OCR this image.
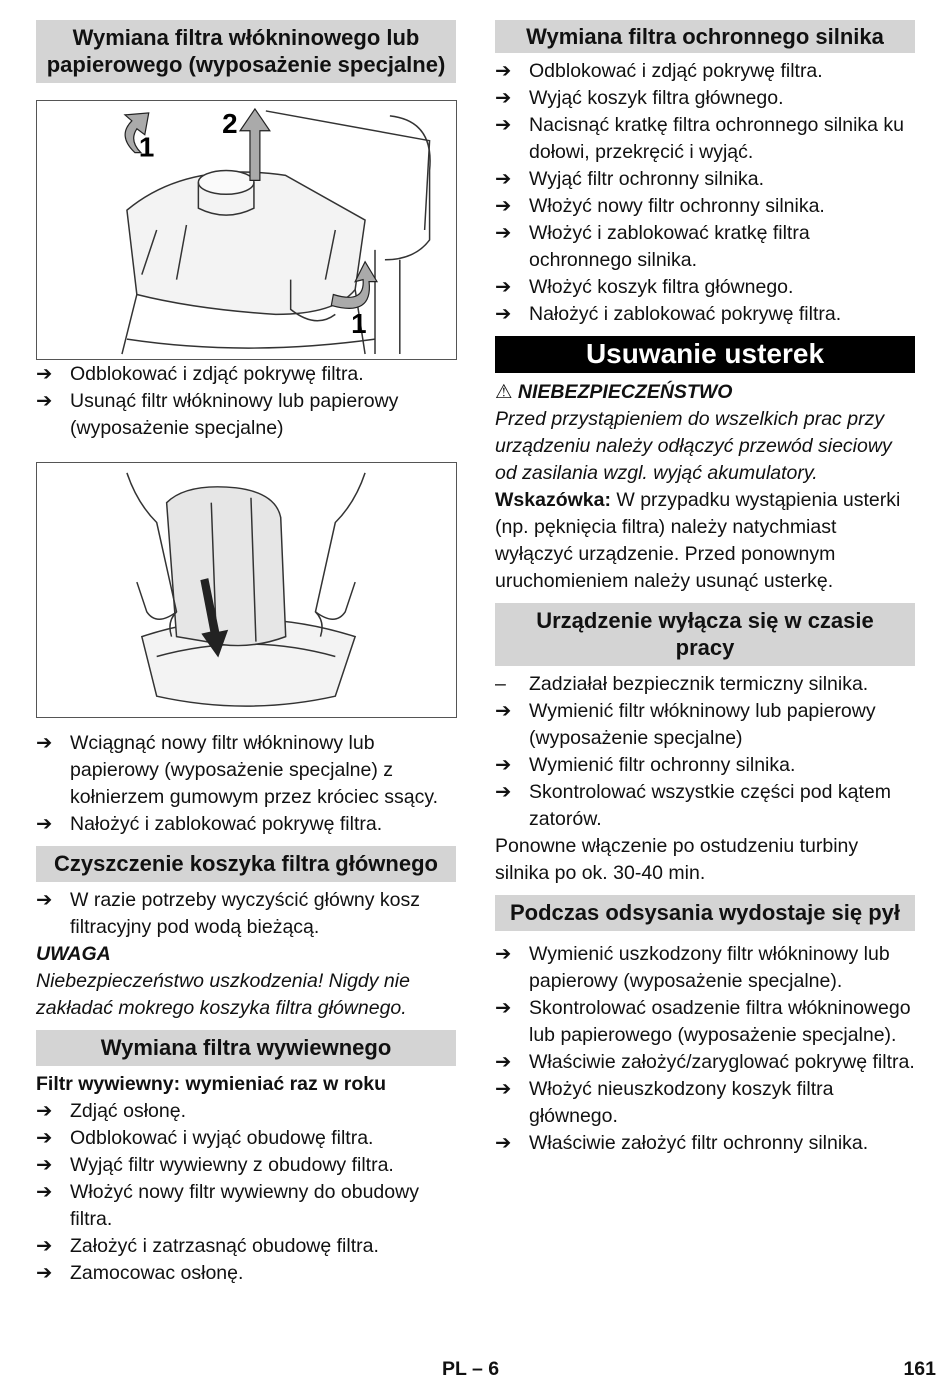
Wymiana filtra włókninowego lub papierowego (wyposażenie specjalne)
1
2
1
➔ Odblokować i zdjąć pokrywę filtra.
➔ Usunąć filtr włókninowy lub papierowy (wyposażenie specjalne)
➔ Wciągnąć nowy filtr włókninowy lub papierowy (wyposażenie specjalne) z kołnierzem gumowym przez króciec ssący.
➔ Nałożyć i zablokować pokrywę filtra.
Czyszczenie koszyka filtra głównego
➔ W razie potrzeby wyczyścić główny kosz filtracyjny pod wodą bieżącą.
UWAGA
Niebezpieczeństwo uszkodzenia! Nigdy nie zakładać mokrego koszyka filtra głównego.
Wymiana filtra wywiewnego
Filtr wywiewny: wymieniać raz w roku
➔ Zdjąć osłonę.
➔ Odblokować i wyjąć obudowę filtra.
➔ Wyjąć filtr wywiewny z obudowy filtra.
➔ Włożyć nowy filtr wywiewny do obudowy filtra.
➔ Założyć i zatrzasnąć obudowę filtra.
➔ Zamocowac osłonę.
Wymiana filtra ochronnego silnika
➔ Odblokować i zdjąć pokrywę filtra.
➔ Wyjąć koszyk filtra głównego.
➔ Nacisnąć kratkę filtra ochronnego silnika ku dołowi, przekręcić i wyjąć.
➔ Wyjąć filtr ochronny silnika.
➔ Włożyć nowy filtr ochronny silnika.
➔ Włożyć i zablokować kratkę filtra ochronnego silnika.
➔ Włożyć koszyk filtra głównego.
➔ Nałożyć i zablokować pokrywę filtra.
Usuwanie usterek
⚠ NIEBEZPIECZEŃSTWO
Przed przystąpieniem do wszelkich prac przy urządzeniu należy odłączyć przewód sieciowy od zasilania wzgl. wyjąć akumulatory.
Wskazówka: W przypadku wystąpienia usterki (np. pęknięcia filtra) należy natychmiast wyłączyć urządzenie. Przed ponownym uruchomieniem należy usunąć usterkę.
Urządzenie wyłącza się w czasie pracy
–	Zadziałał bezpiecznik termiczny silnika.
➔ Wymienić filtr włókninowy lub papierowy (wyposażenie specjalne)
➔ Wymienić filtr ochronny silnika.
➔ Skontrolować wszystkie części pod kątem zatorów.
Ponowne włączenie po ostudzeniu turbiny silnika po ok. 30-40 min.
Podczas odsysania wydostaje się pył
➔ Wymienić uszkodzony filtr włókninowy lub papierowy (wyposażenie specjalne).
➔ Skontrolować osadzenie filtra włókninowego lub papierowego (wyposażenie specjalne).
➔ Właściwie założyć/zaryglować pokrywę filtra.
➔ Włożyć nieuszkodzony koszyk filtra głównego.
➔ Właściwie założyć filtr ochronny silnika.
PL – 6	161
